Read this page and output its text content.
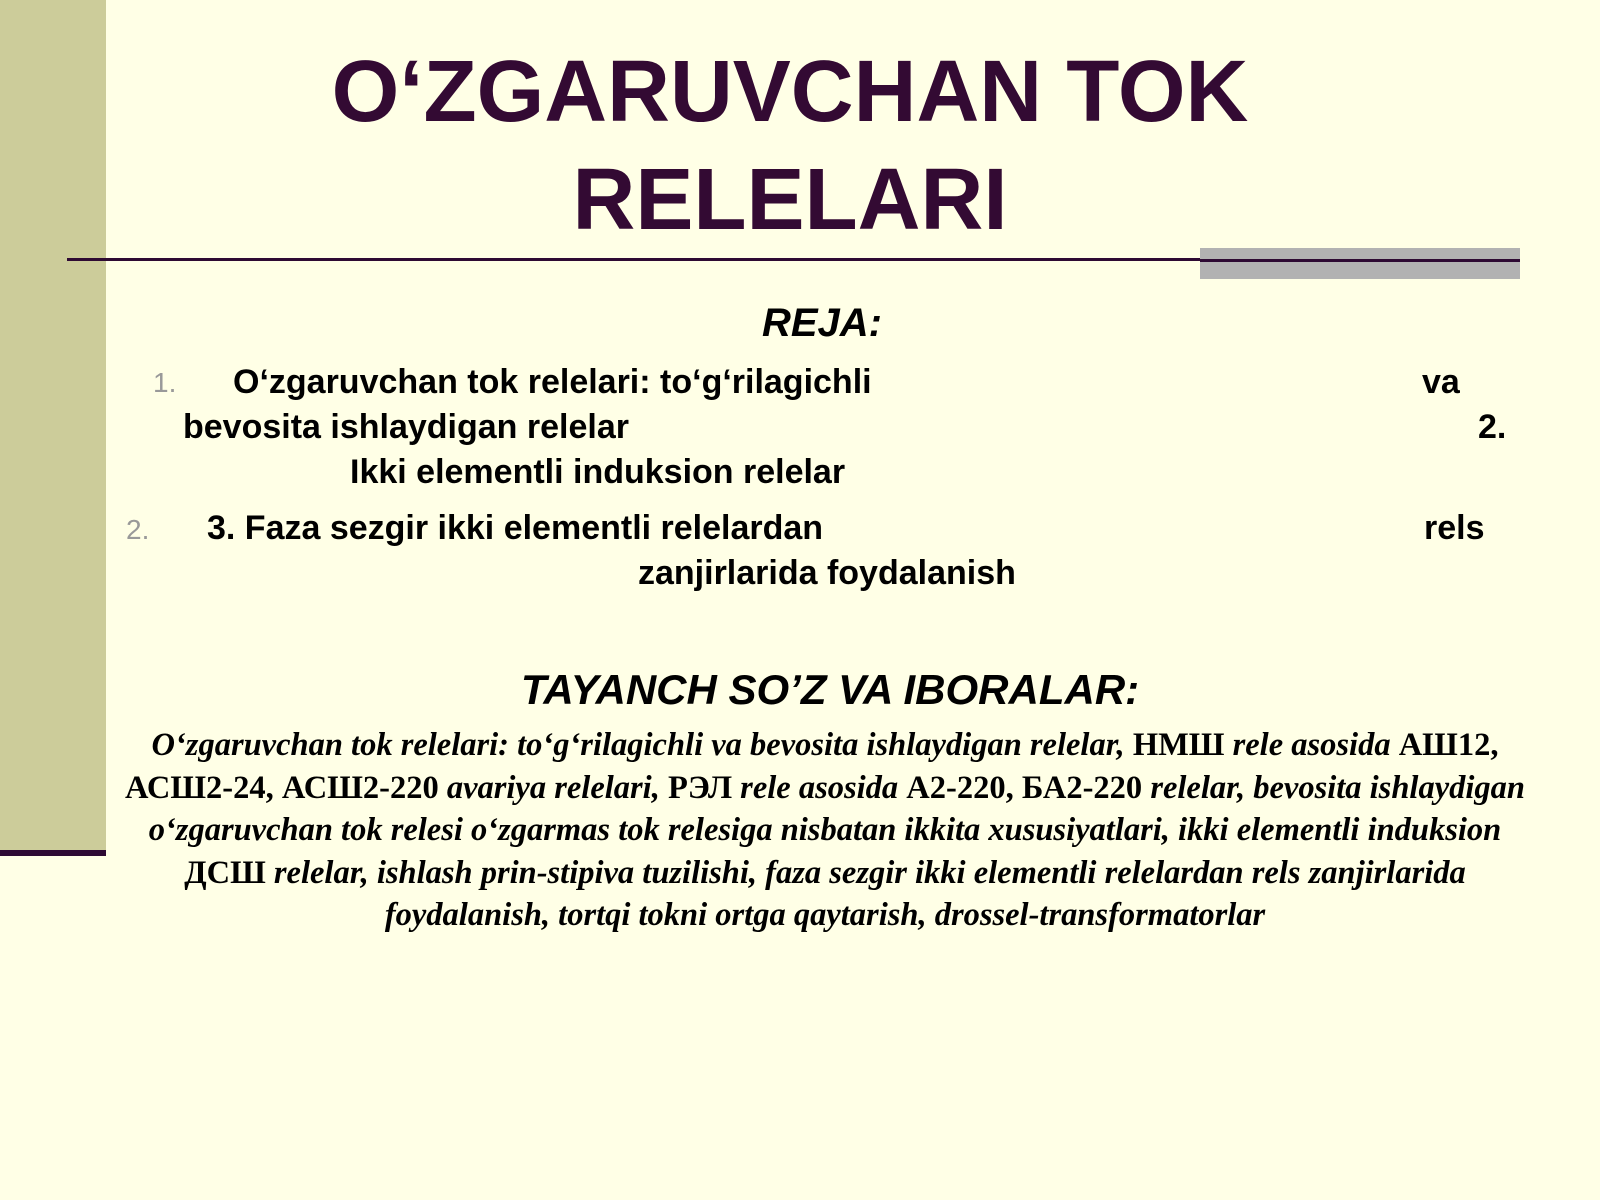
O‘ZGARUVCHAN TOK RELELARI
REJA:
1. O‘zgaruvchan tok relelari: to‘g‘rilagichli	va
bevosita ishlaydigan relelar	2.
Ikki elementli induksion relelar
2. 3. Faza sezgir ikki elementli relelardan	rels
zanjirlarida foydalanish
TAYANCH SO’Z VA IBORALAR:

O‘zgaruvchan tok relelari: to‘g‘rilagichli va bevosita ishlaydigan relelar, НМШ rele asosida АШ12, АСШ2-24, АСШ2-220 avariya relelari, РЭЛ rele asosida А2-220, БА2-220 relelar, bevosita ishlaydigan o‘zgaruvchan tok relesi o‘zgarmas tok relesiga nisbatan ikkita xususiyatlari, ikki elementli induksion ДСШ relelar, ishlash prin-stipiva tuzilishi, faza sezgir ikki elementli relelardan rels zanjirlarida foydalanish, tortqi tokni ortga qaytarish, drossel-transformatorlar
